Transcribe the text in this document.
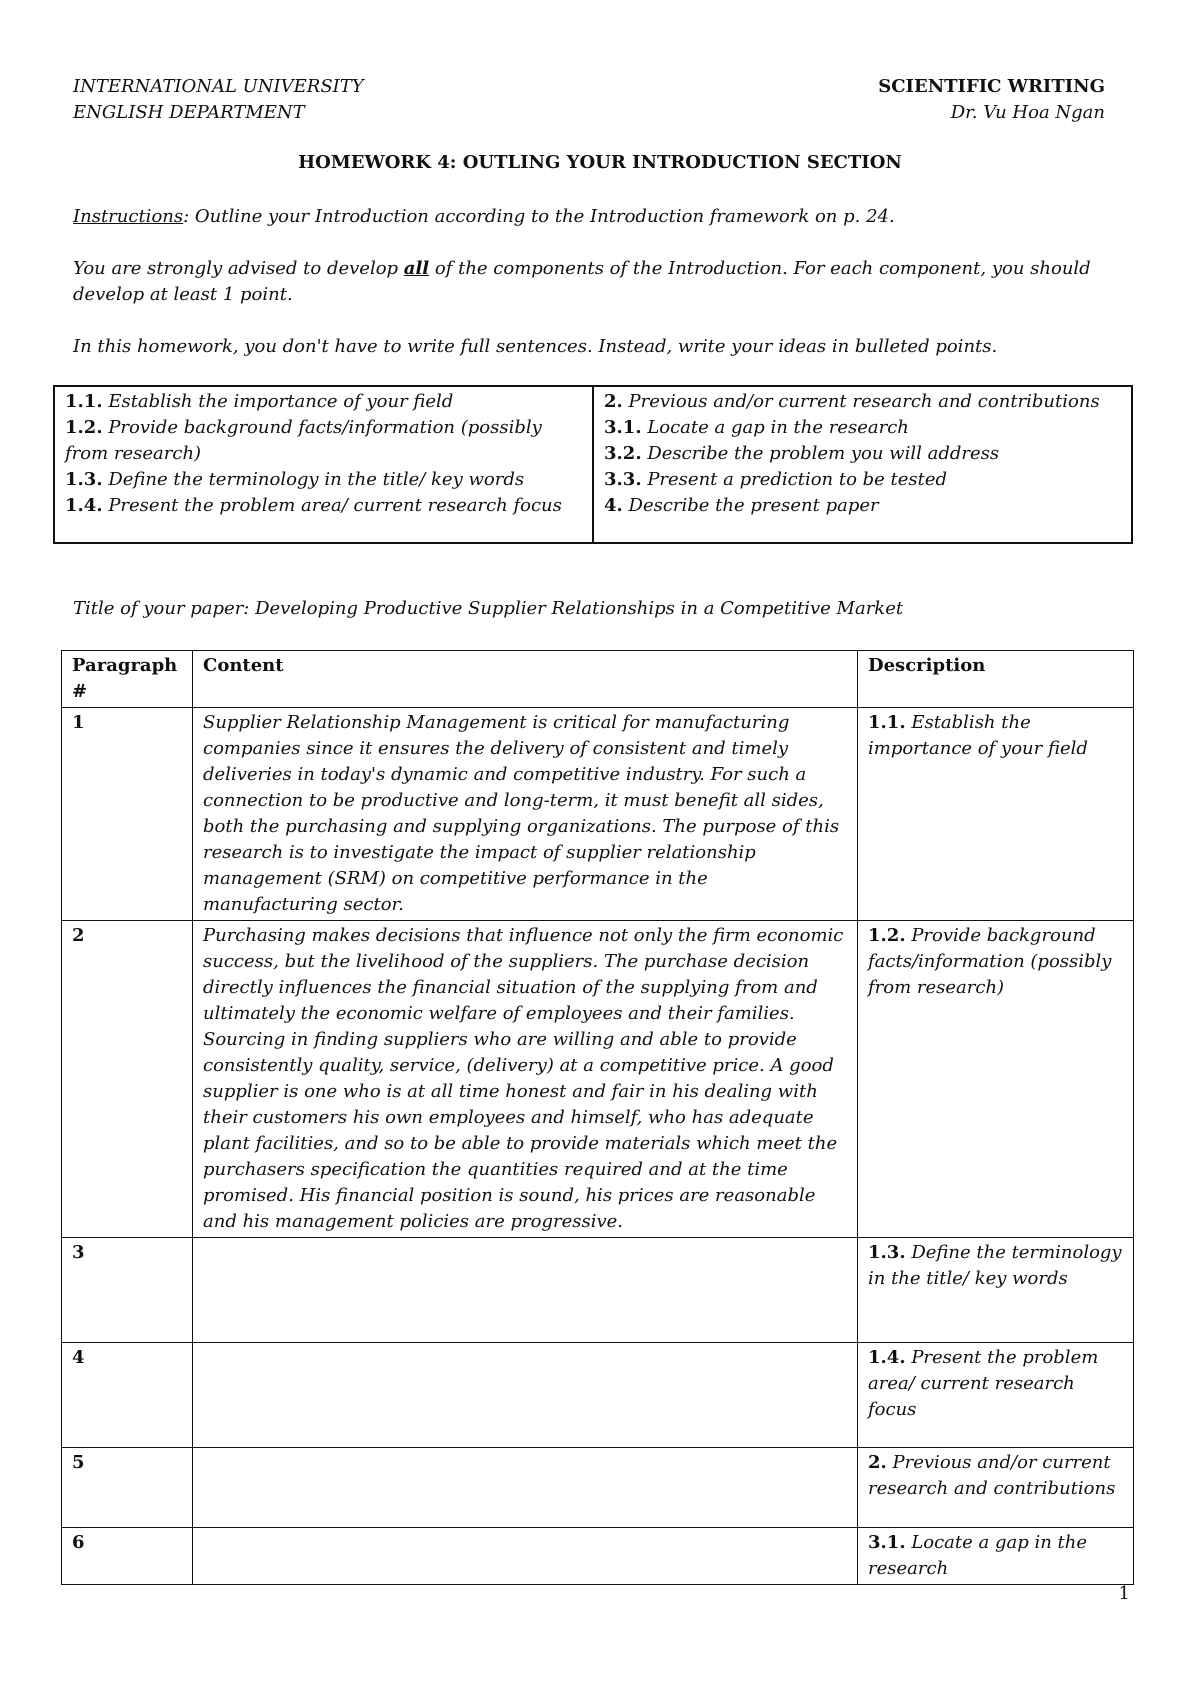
INTERNATIONAL UNIVERSITY
ENGLISH DEPARTMENT
SCIENTIFIC WRITING
Dr. Vu Hoa Ngan
HOMEWORK 4: OUTLING YOUR INTRODUCTION SECTION
Instructions: Outline your Introduction according to the Introduction framework on p. 24.
You are strongly advised to develop all of the components of the Introduction. For each component, you should develop at least 1 point.
In this homework, you don't have to write full sentences. Instead, write your ideas in bulleted points.
1.1. Establish the importance of your field
1.2. Provide background facts/information (possibly from research)
1.3. Define the terminology in the title/ key words
1.4. Present the problem area/ current research focus

2. Previous and/or current research and contributions
3.1. Locate a gap in the research
3.2. Describe the problem you will address
3.3. Present a prediction to be tested
4. Describe the present paper
Title of your paper: Developing Productive Supplier Relationships in a Competitive Market
Paragraph #	Content	Description
1	Supplier Relationship Management is critical for manufacturing companies since it ensures the delivery of consistent and timely deliveries in today's dynamic and competitive industry. For such a connection to be productive and long-term, it must benefit all sides, both the purchasing and supplying organizations. The purpose of this research is to investigate the impact of supplier relationship management (SRM) on competitive performance in the manufacturing sector.	1.1. Establish the importance of your field
2	Purchasing makes decisions that influence not only the firm economic success, but the livelihood of the suppliers. The purchase decision directly influences the financial situation of the supplying from and ultimately the economic welfare of employees and their families. Sourcing in finding suppliers who are willing and able to provide consistently quality, service, (delivery) at a competitive price. A good supplier is one who is at all time honest and fair in his dealing with their customers his own employees and himself, who has adequate plant facilities, and so to be able to provide materials which meet the purchasers specification the quantities required and at the time promised. His financial position is sound, his prices are reasonable and his management policies are progressive.	1.2. Provide background facts/information (possibly from research)
3		1.3. Define the terminology in the title/ key words
4		1.4. Present the problem area/ current research focus
5		2. Previous and/or current research and contributions
6		3.1. Locate a gap in the research
1
